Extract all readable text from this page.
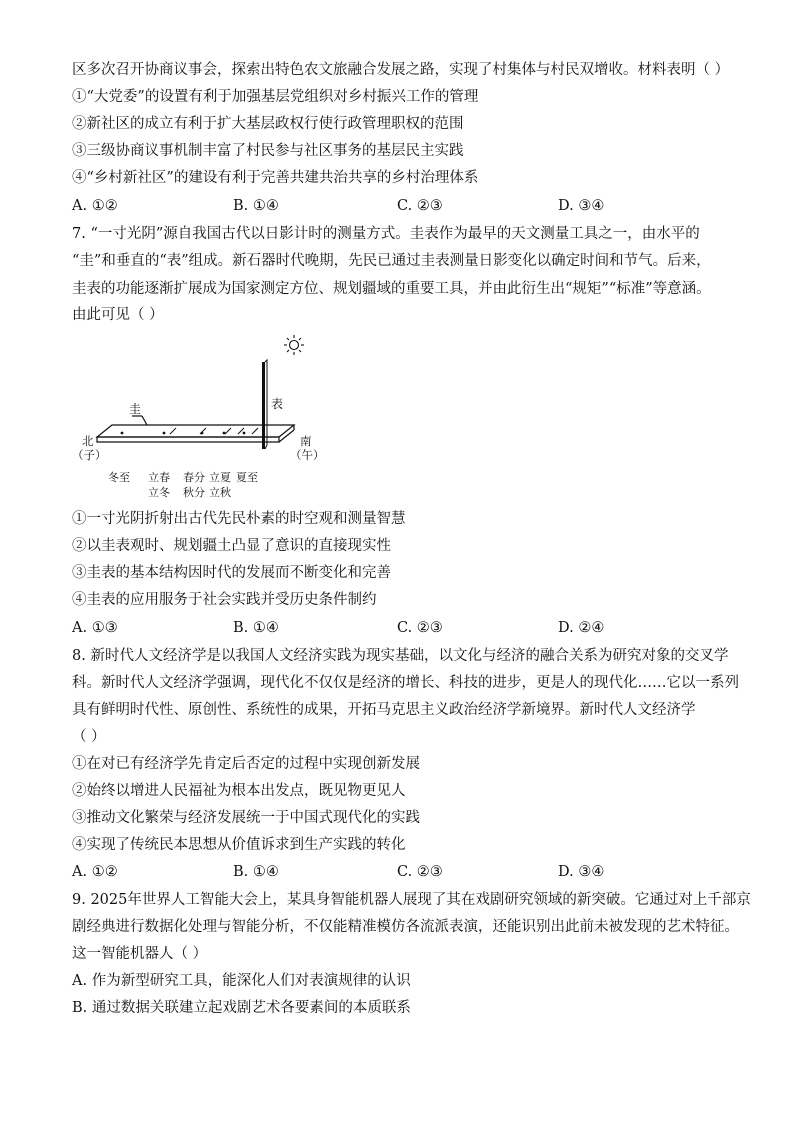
区多次召开协商议事会，探索出特色农文旅融合发展之路，实现了村集体与村民双增收。材料表明（ ）
①“大党委”的设置有利于加强基层党组织对乡村振兴工作的管理
②新社区的成立有利于扩大基层政权行使行政管理职权的范围
③三级协商议事机制丰富了村民参与社区事务的基层民主实践
④“乡村新社区”的建设有利于完善共建共治共享的乡村治理体系
A. ①②	B. ①④	C. ②③	D. ③④
7. “一寸光阴”源自我国古代以日影计时的测量方式。圭表作为最早的天文测量工具之一，由水平的
“圭”和垂直的“表”组成。新石器时代晚期，先民已通过圭表测量日影变化以确定时间和节气。后来，
圭表的功能逐渐扩展成为国家测定方位、规划疆域的重要工具，并由此衍生出“规矩”“标准”等意涵。
由此可见（ ）
圭	表
北
（子）
南
（午）
冬至 立春 春分 立夏 夏至
立冬 秋分 立秋
①一寸光阴折射出古代先民朴素的时空观和测量智慧
②以圭表观时、规划疆土凸显了意识的直接现实性
③圭表的基本结构因时代的发展而不断变化和完善
④圭表的应用服务于社会实践并受历史条件制约
A. ①③	B. ①④	C. ②③	D. ②④
8. 新时代人文经济学是以我国人文经济实践为现实基础，以文化与经济的融合关系为研究对象的交叉学
科。新时代人文经济学强调，现代化不仅仅是经济的增长、科技的进步，更是人的现代化……它以一系列
具有鲜明时代性、原创性、系统性的成果，开拓马克思主义政治经济学新境界。新时代人文经济学
（ ）
①在对已有经济学先肯定后否定的过程中实现创新发展
②始终以增进人民福祉为根本出发点，既见物更见人
③推动文化繁荣与经济发展统一于中国式现代化的实践
④实现了传统民本思想从价值诉求到生产实践的转化
A. ①②	B. ①④	C. ②③	D. ③④
9. 2025年世界人工智能大会上，某具身智能机器人展现了其在戏剧研究领域的新突破。它通过对上千部京
剧经典进行数据化处理与智能分析，不仅能精准模仿各流派表演，还能识别出此前未被发现的艺术特征。
这一智能机器人（ ）
A. 作为新型研究工具，能深化人们对表演规律的认识
B. 通过数据关联建立起戏剧艺术各要素间的本质联系
